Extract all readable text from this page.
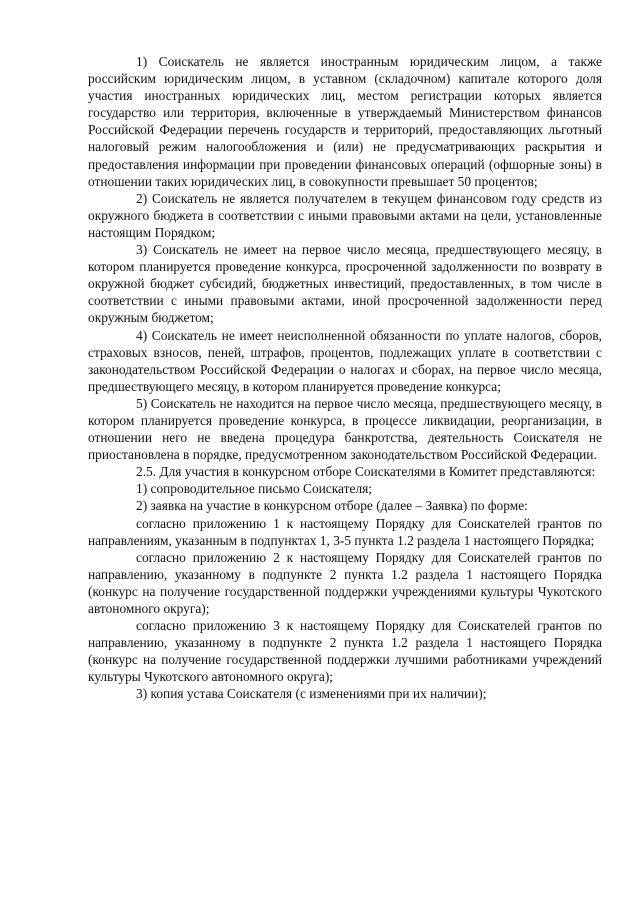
1) Соискатель не является иностранным юридическим лицом, а также российским юридическим лицом, в уставном (складочном) капитале которого доля участия иностранных юридических лиц, местом регистрации которых является государство или территория, включенные в утверждаемый Министерством финансов Российской Федерации перечень государств и территорий, предоставляющих льготный налоговый режим налогообложения и (или) не предусматривающих раскрытия и предоставления информации при проведении финансовых операций (офшорные зоны) в отношении таких юридических лиц, в совокупности превышает 50 процентов;

2) Соискатель не является получателем в текущем финансовом году средств из окружного бюджета в соответствии с иными правовыми актами на цели, установленные настоящим Порядком;

3) Соискатель не имеет на первое число месяца, предшествующего месяцу, в котором планируется проведение конкурса, просроченной задолженности по возврату в окружной бюджет субсидий, бюджетных инвестиций, предоставленных, в том числе в соответствии с иными правовыми актами, иной просроченной задолженности перед окружным бюджетом;

4) Соискатель не имеет неисполненной обязанности по уплате налогов, сборов, страховых взносов, пеней, штрафов, процентов, подлежащих уплате в соответствии с законодательством Российской Федерации о налогах и сборах, на первое число месяца, предшествующего месяцу, в котором планируется проведение конкурса;

5) Соискатель не находится на первое число месяца, предшествующего месяцу, в котором планируется проведение конкурса, в процессе ликвидации, реорганизации, в отношении него не введена процедура банкротства, деятельность Соискателя не приостановлена в порядке, предусмотренном законодательством Российской Федерации.

2.5. Для участия в конкурсном отборе Соискателями в Комитет представляются:

1) сопроводительное письмо Соискателя;

2) заявка на участие в конкурсном отборе (далее – Заявка) по форме:

согласно приложению 1 к настоящему Порядку для Соискателей грантов по направлениям, указанным в подпунктах 1, 3-5 пункта 1.2 раздела 1 настоящего Порядка;

согласно приложению 2 к настоящему Порядку для Соискателей грантов по направлению, указанному в подпункте 2 пункта 1.2 раздела 1 настоящего Порядка (конкурс на получение государственной поддержки учреждениями культуры Чукотского автономного округа);

согласно приложению 3 к настоящему Порядку для Соискателей грантов по направлению, указанному в подпункте 2 пункта 1.2 раздела 1 настоящего Порядка (конкурс на получение государственной поддержки лучшими работниками учреждений культуры Чукотского автономного округа);

3) копия устава Соискателя (с изменениями при их наличии);
